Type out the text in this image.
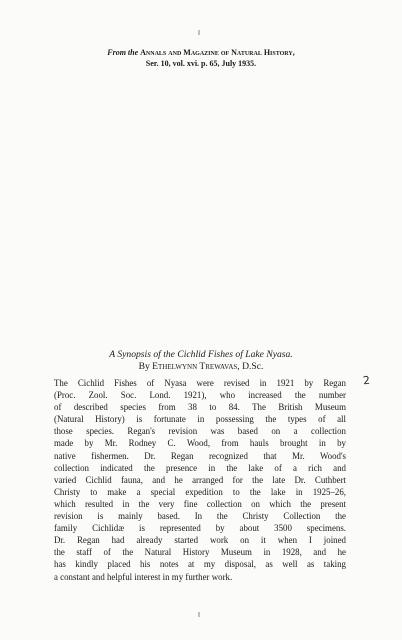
From the Annals and Magazine of Natural History,
Ser. 10, vol. xvi. p. 65, July 1935.
A Synopsis of the Cichlid Fishes of Lake Nyasa.
By Ethelwynn Trewavas, D.Sc.
2
The Cichlid Fishes of Nyasa were revised in 1921 by Regan
(Proc. Zool. Soc. Lond. 1921), who increased the number
of described species from 38 to 84. The British Museum
(Natural History) is fortunate in possessing the types of all
those species. Regan's revision was based on a collection
made by Mr. Rodney C. Wood, from hauls brought in by
native fishermen. Dr. Regan recognized that Mr. Wood's
collection indicated the presence in the lake of a rich and
varied Cichlid fauna, and he arranged for the late Dr. Cuthbert
Christy to make a special expedition to the lake in 1925–26,
which resulted in the very fine collection on which the present
revision is mainly based. In the Christy Collection the
family Cichlidæ is represented by about 3500 specimens.
Dr. Regan had already started work on it when I joined
the staff of the Natural History Museum in 1928, and he
has kindly placed his notes at my disposal, as well as taking
a constant and helpful interest in my further work.
